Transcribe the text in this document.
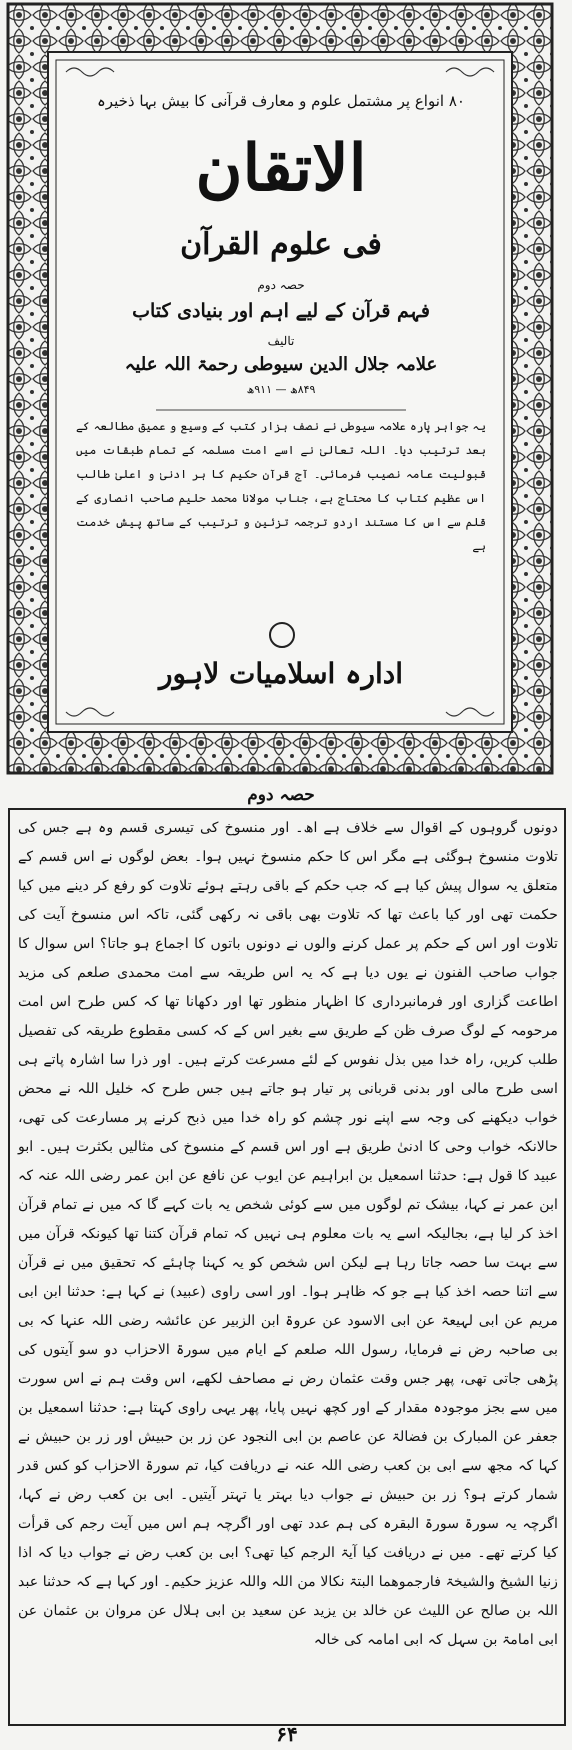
۸۰ انواع پر مشتمل علوم و معارف قرآنی کا بیش بہا ذخیرہ
الاتقان
فی علوم القرآن
حصہ دوم
فہم قرآن کے لیے اہم اور بنیادی کتاب
تالیف
علامہ جلال الدین سیوطی رحمۃ اللہ علیہ
۸۴۹ھ — ۹۱۱ھ
یہ جواہر پارہ علامہ سیوطی نے نصف ہزار کتب کے وسیع و عمیق مطالعہ کے بعد ترتیب دیا۔ اللہ تعالیٰ نے اسے امت مسلمہ کے تمام طبقات میں قبولیت عامہ نصیب فرمائی۔ آج قرآن حکیم کا ہر ادنیٰ و اعلیٰ طالب اس عظیم کتاب کا محتاج ہے، جناب مولانا محمد حلیم صاحب انصاری کے قلم سے اس کا مستند اردو ترجمہ تزئین و ترتیب کے ساتھ پیش خدمت ہے
ادارہ اسلامیات لاہور
حصہ دوم
دونوں گروہوں کے اقوال سے خلاف ہے اھ۔ اور منسوخ کی تیسری قسم وہ ہے جس کی تلاوت منسوخ ہوگئی ہے مگر اس کا حکم منسوخ نہیں ہوا۔ بعض لوگوں نے اس قسم کے متعلق یہ سوال پیش کیا ہے کہ جب حکم کے باقی رہتے ہوئے تلاوت کو رفع کر دینے میں کیا حکمت تھی اور کیا باعث تھا کہ تلاوت بھی باقی نہ رکھی گئی، تاکہ اس منسوخ آیت کی تلاوت اور اس کے حکم پر عمل کرنے والوں نے دونوں باتوں کا اجماع ہو جاتا؟ اس سوال کا جواب صاحب الفنون نے یوں دیا ہے کہ یہ اس طریقہ سے امت محمدی صلعم کی مزید اطاعت گزاری اور فرمانبرداری کا اظہار منظور تھا اور دکھانا تھا کہ کس طرح اس امت مرحومہ کے لوگ صرف ظن کے طریق سے بغیر اس کے کہ کسی مقطوع طریقہ کی تفصیل طلب کریں، راہ خدا میں بذل نفوس کے لئے مسرعت کرتے ہیں۔ اور ذرا سا اشارہ پاتے ہی اسی طرح مالی اور بدنی قربانی پر تیار ہو جاتے ہیں جس طرح کہ خلیل اللہ نے محض خواب دیکھنے کی وجہ سے اپنے نور چشم کو راہ خدا میں ذبح کرنے پر مسارعت کی تھی، حالانکہ خواب وحی کا ادنیٰ طریق ہے اور اس قسم کے منسوخ کی مثالیں بکثرت ہیں۔ ابو عبید کا قول ہے: حدثنا اسمعیل بن ابراہیم عن ایوب عن نافع عن ابن عمر رضی اللہ عنہ کہ ابن عمر نے کہا، بیشک تم لوگوں میں سے کوئی شخص یہ بات کہے گا کہ میں نے تمام قرآن اخذ کر لیا ہے، بجالیکہ اسے یہ بات معلوم ہی نہیں کہ تمام قرآن کتنا تھا کیونکہ قرآن میں سے بہت سا حصہ جاتا رہا ہے لیکن اس شخص کو یہ کہنا چاہئے کہ تحقیق میں نے قرآن سے اتنا حصہ اخذ کیا ہے جو کہ ظاہر ہوا۔ اور اسی راوی (عبید) نے کہا ہے: حدثنا ابن ابی مریم عن ابی لہیعۃ عن ابی الاسود عن عروۃ ابن الزبیر عن عائشہ رضی اللہ عنہا کہ بی بی صاحبہ رض نے فرمایا، رسول اللہ صلعم کے ایام میں سورۃ الاحزاب دو سو آیتوں کی پڑھی جاتی تھی، پھر جس وقت عثمان رض نے مصاحف لکھے، اس وقت ہم نے اس سورت میں سے بجز موجودہ مقدار کے اور کچھ نہیں پایا، پھر یہی راوی کہتا ہے: حدثنا اسمعیل بن جعفر عن المبارک بن فضالۃ عن عاصم بن ابی النجود عن زر بن حبیش اور زر بن حبیش نے کہا کہ مجھ سے ابی بن کعب رضی اللہ عنہ نے دریافت کیا، تم سورۃ الاحزاب کو کس قدر شمار کرتے ہو؟ زر بن حبیش نے جواب دیا بہتر یا تہتر آیتیں۔ ابی بن کعب رض نے کہا، اگرچہ یہ سورۃ سورۃ البقرہ کی ہم عدد تھی اور اگرچہ ہم اس میں آیت رجم کی قرأت کیا کرتے تھے۔ میں نے دریافت کیا آیۃ الرجم کیا تھی؟ ابی بن کعب رض نے جواب دیا کہ اذا زنیا الشیخ والشیخۃ فارجموھما البتۃ نکالا من اللہ واللہ عزیز حکیم۔ اور کہا ہے کہ حدثنا عبد اللہ بن صالح عن اللیث عن خالد بن یزید عن سعید بن ابی ہلال عن مروان بن عثمان عن ابی امامۃ بن سہل کہ ابی امامہ کی خالہ
۶۴
